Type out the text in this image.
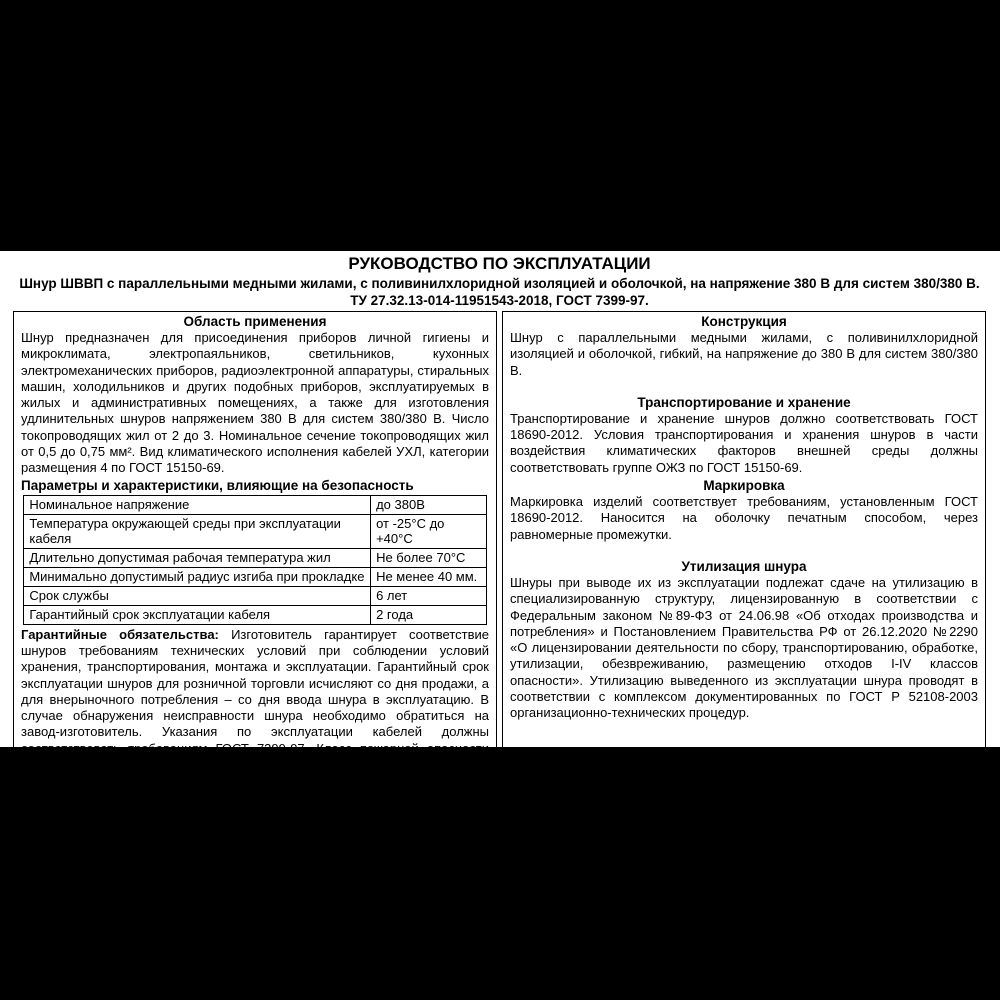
РУКОВОДСТВО ПО ЭКСПЛУАТАЦИИ
Шнур ШВВП с параллельными медными жилами, с поливинилхлоридной изоляцией и оболочкой, на напряжение 380 В для систем 380/380 В.
ТУ 27.32.13-014-11951543-2018, ГОСТ 7399-97.
Область применения

Шнур предназначен для присоединения приборов личной гигиены и микроклимата, электропаяльников, светильников, кухонных электромеханических приборов, радиоэлектронной аппаратуры, стиральных машин, холодильников и других подобных приборов, эксплуатируемых в жилых и административных помещениях, а также для изготовления удлинительных шнуров напряжением 380 В для систем 380/380 В. Число токопроводящих жил от 2 до 3. Номинальное сечение токопроводящих жил от 0,5 до 0,75 мм². Вид климатического исполнения кабелей УХЛ, категории размещения 4 по ГОСТ 15150-69.

Параметры и характеристики, влияющие на безопасность

Номинальное напряжение	до 380В
Температура окружающей среды при эксплуатации кабеля	от -25°С до +40°С
Длительно допустимая рабочая температура жил	Не более 70°С
Минимально допустимый радиус изгиба при прокладке	Не менее 40 мм.
Срок службы	6 лет
Гарантийный срок эксплуатации кабеля	2 года

Гарантийные обязательства: Изготовитель гарантирует соответствие шнуров требованиям технических условий при соблюдении условий хранения, транспортирования, монтажа и эксплуатации. Гарантийный срок эксплуатации шнуров для розничной торговли исчисляют со дня продажи, а для внерыночного потребления – со дня ввода шнура в эксплуатацию. В случае обнаружения неисправности шнура необходимо обратиться на завод-изготовитель. Указания по эксплуатации кабелей должны соответствовать требованиям ГОСТ 7399-97. Класс пожарной опасности шнура по ГОСТ 31565-2012 О1.8.2.5.4.

Конструкция

Шнур с параллельными медными жилами, с поливинилхлоридной изоляцией и оболочкой, гибкий, на напряжение до 380 В для систем 380/380 В.

Транспортирование и хранение

Транспортирование и хранение шнуров должно соответствовать ГОСТ 18690-2012. Условия транспортирования и хранения шнуров в части воздействия климатических факторов внешней среды должны соответствовать группе ОЖЗ по ГОСТ 15150-69.

Маркировка

Маркировка изделий соответствует требованиям, установленным ГОСТ 18690-2012. Наносится на оболочку печатным способом, через равномерные промежутки.

Утилизация шнура

Шнуры при выводе их из эксплуатации подлежат сдаче на утилизацию в специализированную структуру, лицензированную в соответствии с Федеральным законом №89-ФЗ от 24.06.98 «Об отходах производства и потребления» и Постановлением Правительства РФ от 26.12.2020 №2290 «О лицензировании деятельности по сбору, транспортированию, обработке, утилизации, обезвреживанию, размещению отходов I-IV классов опасности». Утилизацию выведенного из эксплуатации шнура проводят в соответствии с комплексом документированных по ГОСТ Р 52108-2003 организационно-технических процедур.

Произведено для АО "Севкабель": 198097, г. Санкт- Петербург, ул. Баррикадная, д.36, литера А, пом. 6Н, офис 5А; по техническим требованиям "Севкабель", в соответствии с ГОСТ. Изготовитель: ООО «Альфакабель», 302209, Орловская область, Орловский район, Платоновское с/п, ул. Раздольная д.105, литер Б4, помещение 15.

Тел/факс: +7 (486) 239-06-62; e-mail: sale@nordkabel.ru; alfacable@mail.ru

Произведено в Российской Федерации. Дата производства указана на упаковке.
